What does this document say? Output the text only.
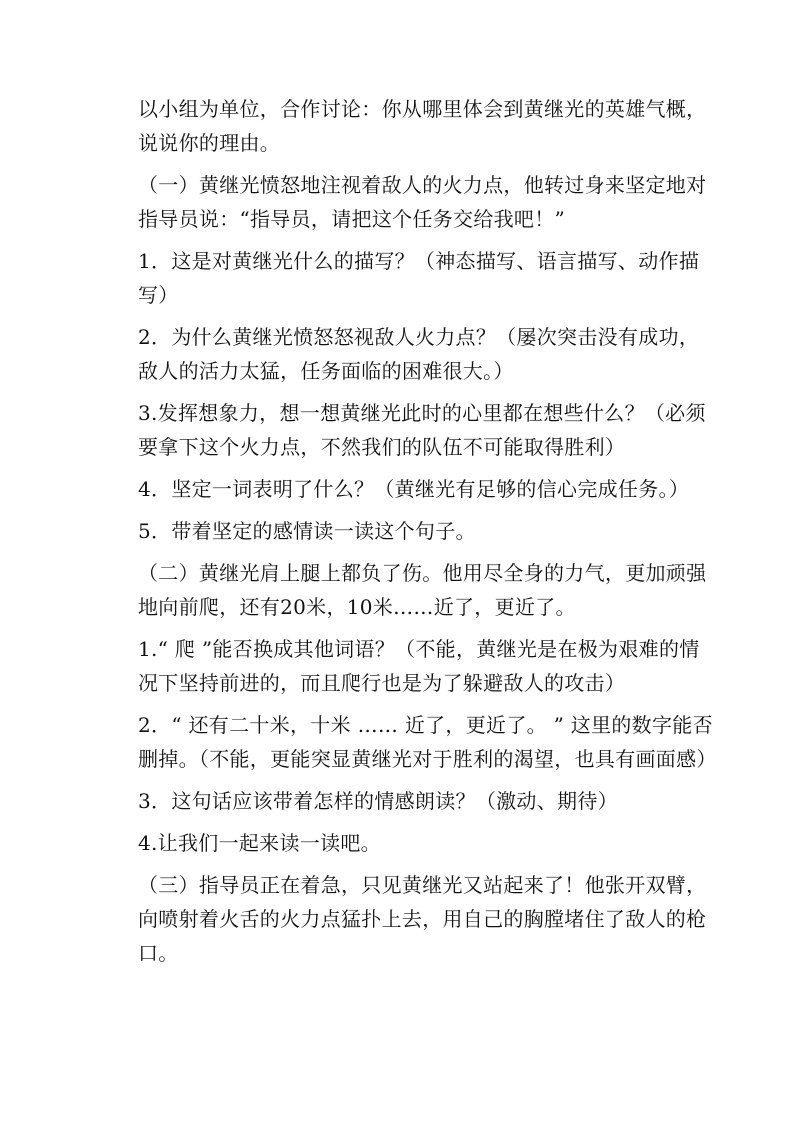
以小组为单位，合作讨论：你从哪里体会到黄继光的英雄气概，说说你的理由。

（一）黄继光愤怒地注视着敌人的火力点，他转过身来坚定地对指导员说：“指导员，请把这个任务交给我吧！”

1．这是对黄继光什么的描写？（神态描写、语言描写、动作描写）

2．为什么黄继光愤怒怒视敌人火力点？（屡次突击没有成功，敌人的活力太猛，任务面临的困难很大。）

3.发挥想象力，想一想黄继光此时的心里都在想些什么？（必须要拿下这个火力点，不然我们的队伍不可能取得胜利）

4．坚定一词表明了什么？（黄继光有足够的信心完成任务。）

5．带着坚定的感情读一读这个句子。

（二）黄继光肩上腿上都负了伤。他用尽全身的力气，更加顽强地向前爬，还有20米，10米……近了，更近了。

1.“ 爬 ”能否换成其他词语？（不能，黄继光是在极为艰难的情况下坚持前进的，而且爬行也是为了躲避敌人的攻击）

2．“ 还有二十米，十米 …… 近了，更近了。 ” 这里的数字能否删掉。（不能，更能突显黄继光对于胜利的渴望，也具有画面感）

3．这句话应该带着怎样的情感朗读？（激动、期待）

4.让我们一起来读一读吧。

（三）指导员正在着急，只见黄继光又站起来了！他张开双臂，向喷射着火舌的火力点猛扑上去，用自己的胸膛堵住了敌人的枪口。
